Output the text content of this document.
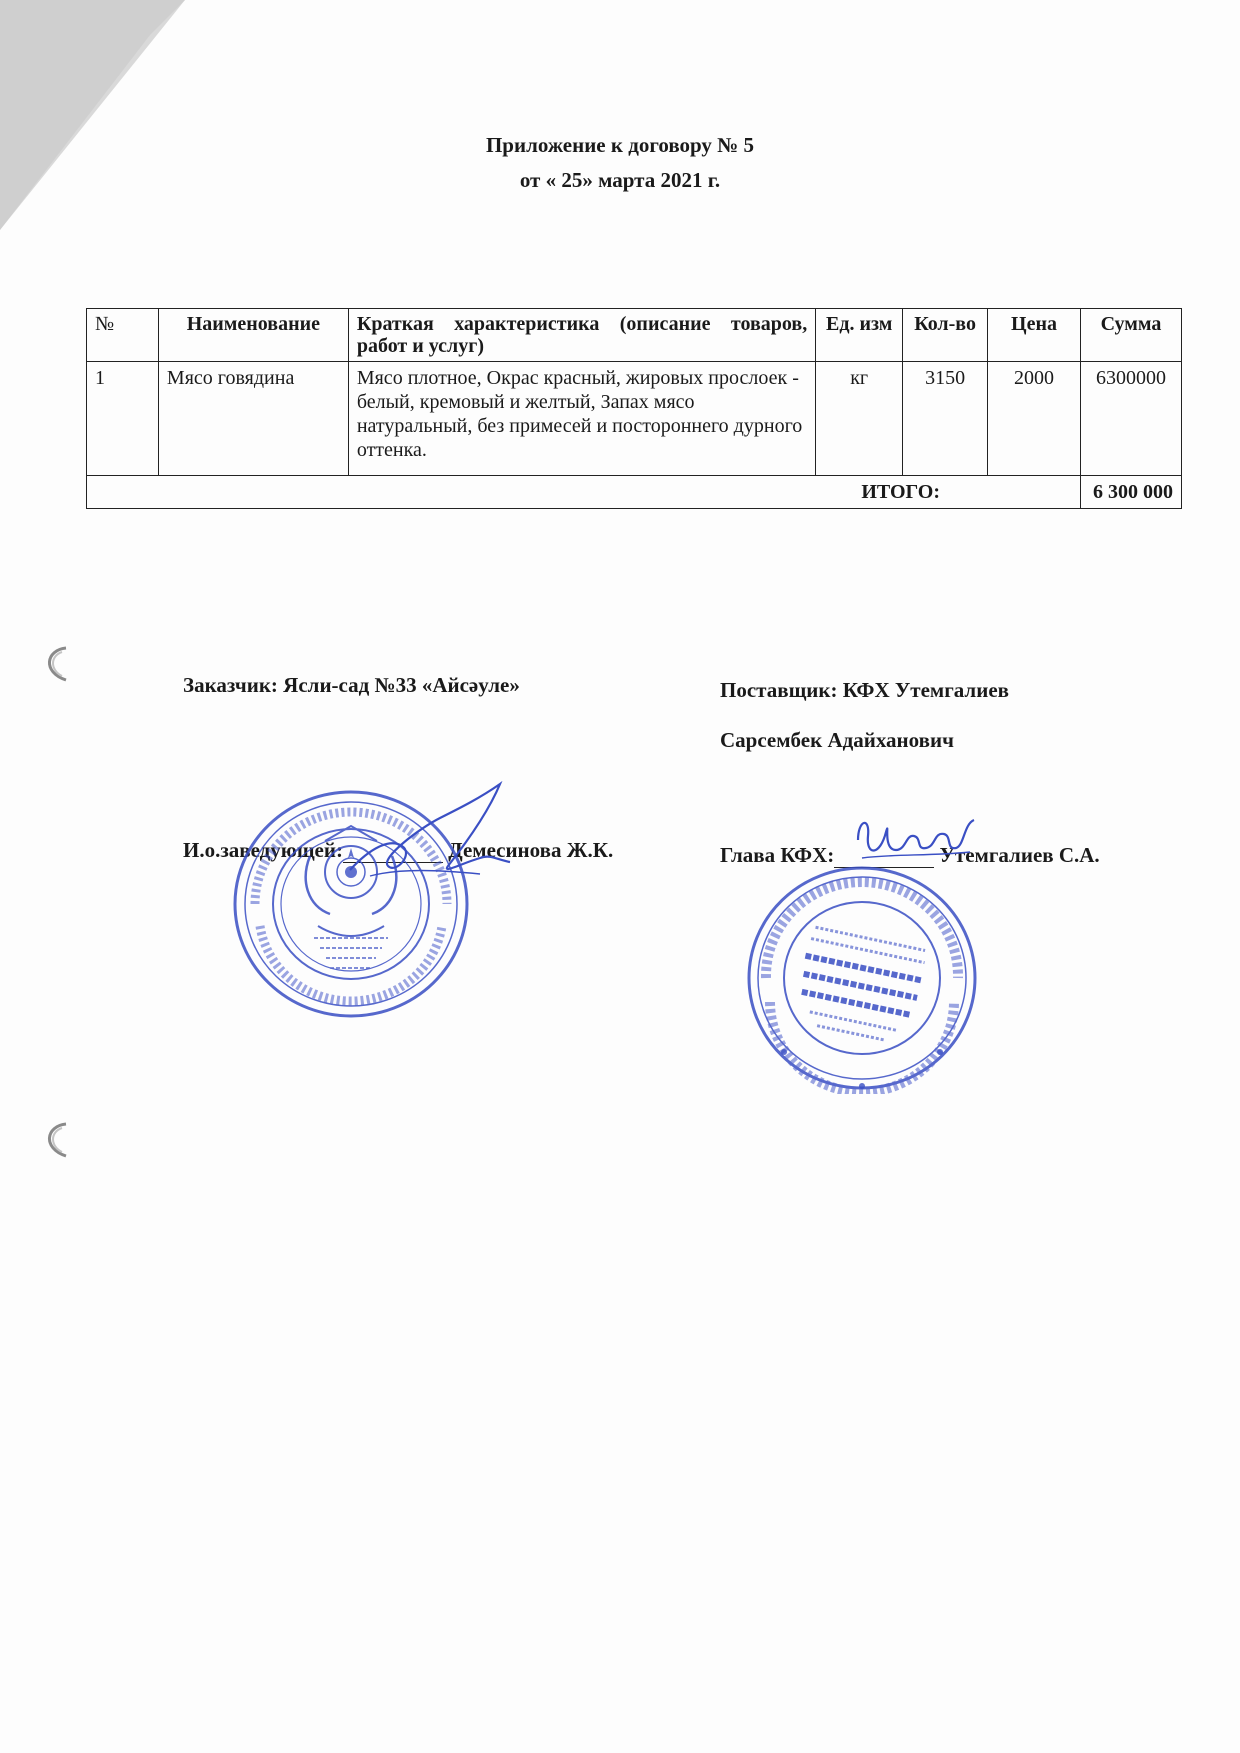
Приложение к договору № 5
от « 25» марта 2021 г.
№	Наименование	Краткая характеристика (описание товаров, работ и услуг)	Ед. изм	Кол-во	Цена	Сумма
1	Мясо говядина	Мясо плотное, Окрас красный, жировых прослоек - белый, кремовый и желтый, Запах мясо натуральный, без примесей и постороннего дурного оттенка.	кг	3150	2000	6300000
ИТОГО:						6 300 000
Заказчик: Ясли-сад №33 «Айсәуле»	Поставщик: КФХ Утемгалиев
Сарсембек Адайханович
И.о.заведующей:	Демесинова Ж.К.	Глава КФХ:	Утемгалиев С.А.
